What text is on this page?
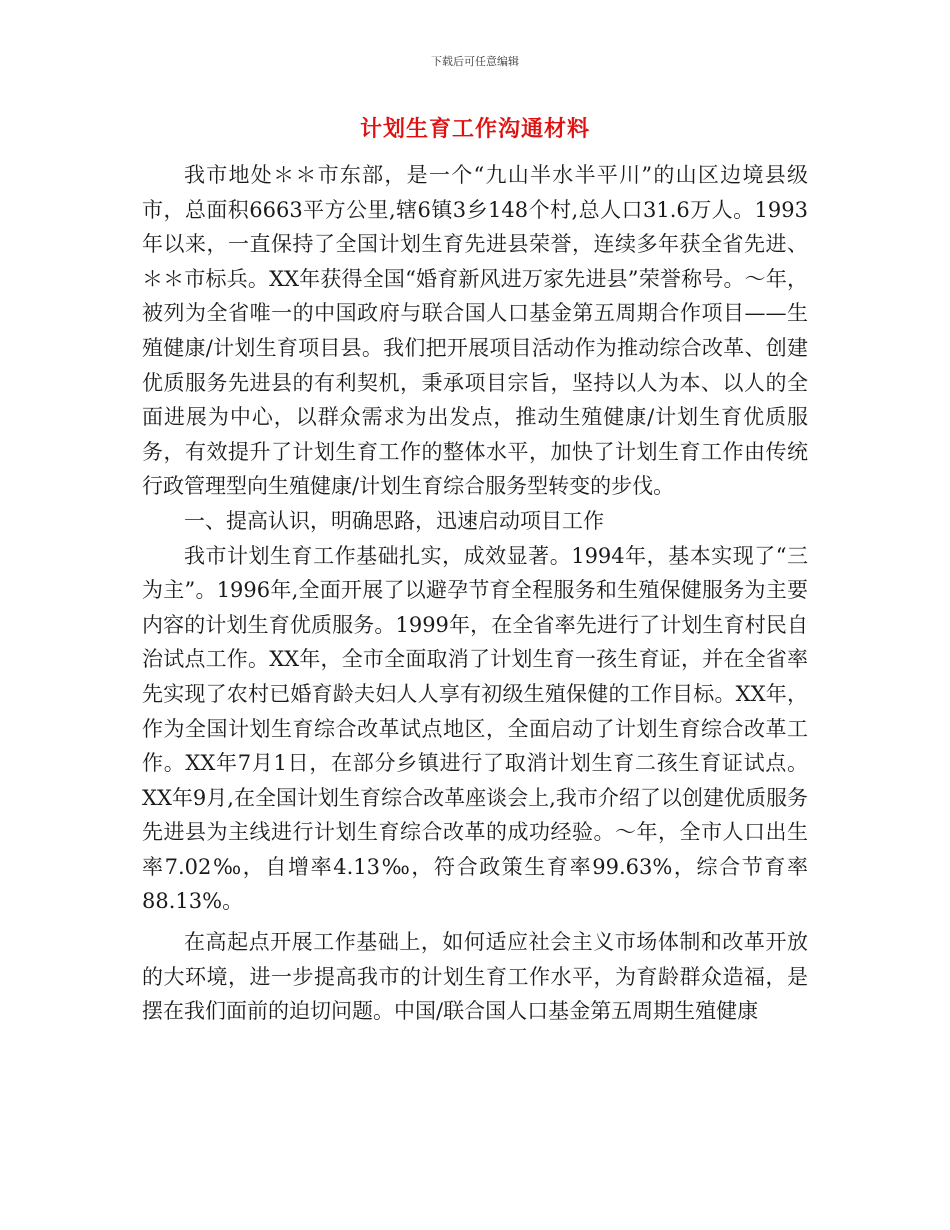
下载后可任意编辑
计划生育工作沟通材料

我市地处＊＊市东部，是一个“九山半水半平川”的山区边境县级市，总面积6663平方公里,辖6镇3乡148个村,总人口31.6万人。1993年以来，一直保持了全国计划生育先进县荣誉，连续多年获全省先进、＊＊市标兵。XX年获得全国“婚育新风进万家先进县”荣誉称号。～年，被列为全省唯一的中国政府与联合国人口基金第五周期合作项目——生殖健康/计划生育项目县。我们把开展项目活动作为推动综合改革、创建优质服务先进县的有利契机，秉承项目宗旨，坚持以人为本、以人的全面进展为中心，以群众需求为出发点，推动生殖健康/计划生育优质服务，有效提升了计划生育工作的整体水平，加快了计划生育工作由传统行政管理型向生殖健康/计划生育综合服务型转变的步伐。

一、提高认识，明确思路，迅速启动项目工作

我市计划生育工作基础扎实，成效显著。1994年，基本实现了“三为主”。1996年,全面开展了以避孕节育全程服务和生殖保健服务为主要内容的计划生育优质服务。1999年，在全省率先进行了计划生育村民自治试点工作。XX年，全市全面取消了计划生育一孩生育证，并在全省率先实现了农村已婚育龄夫妇人人享有初级生殖保健的工作目标。XX年，作为全国计划生育综合改革试点地区，全面启动了计划生育综合改革工作。XX年7月1日，在部分乡镇进行了取消计划生育二孩生育证试点。XX年9月,在全国计划生育综合改革座谈会上,我市介绍了以创建优质服务先进县为主线进行计划生育综合改革的成功经验。～年，全市人口出生率7.02‰，自增率4.13‰，符合政策生育率99.63%，综合节育率88.13%。

在高起点开展工作基础上，如何适应社会主义市场体制和改革开放的大环境，进一步提高我市的计划生育工作水平，为育龄群众造福，是摆在我们面前的迫切问题。中国/联合国人口基金第五周期生殖健康
